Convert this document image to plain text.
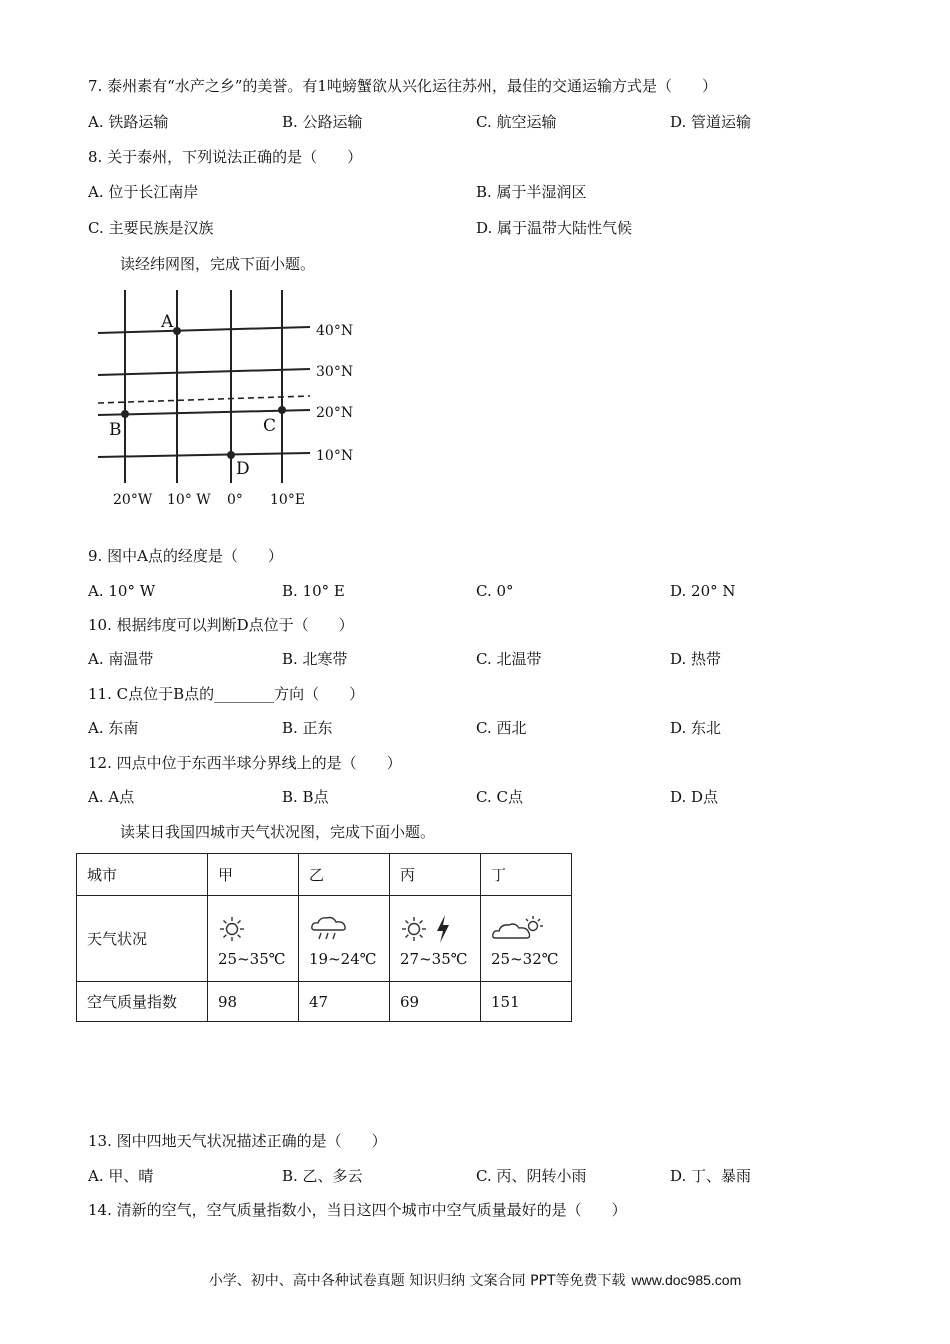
7. 泰州素有“水产之乡”的美誉。有1吨螃蟹欲从兴化运往苏州，最佳的交通运输方式是（　　）
A. 铁路运输	B. 公路运输	C. 航空运输	D. 管道运输
8. 关于泰州，下列说法正确的是（　　）
A. 位于长江南岸	B. 属于半湿润区
C. 主要民族是汉族	D. 属于温带大陆性气候
读经纬网图，完成下面小题。
A
B	C
D
40°N
30°N
20°N
10°N
20°W 10° W 0° 10°E
9. 图中A点的经度是（　　）
A. 10° W	B. 10° E	C. 0°	D. 20° N
10. 根据纬度可以判断D点位于（　　）
A. 南温带	B. 北寒带	C. 北温带	D. 热带
11. C点位于B点的________方向（　　）
A. 东南	B. 正东	C. 西北	D. 东北
12. 四点中位于东西半球分界线上的是（　　）
A. A点	B. B点	C. C点	D. D点
读某日我国四城市天气状况图，完成下面小题。
城市	甲	乙	丙	丁
天气状况	25~35℃	19~24℃	27~35℃	25~32℃

空气质量指数	98	47	69	151
13. 图中四地天气状况描述正确的是（　　）
A. 甲、晴	B. 乙、多云	C. 丙、阴转小雨	D. 丁、暴雨
14. 清新的空气，空气质量指数小，当日这四个城市中空气质量最好的是（　　）
小学、初中、高中各种试卷真题 知识归纳 文案合同 PPT等免费下载 www.doc985.com
